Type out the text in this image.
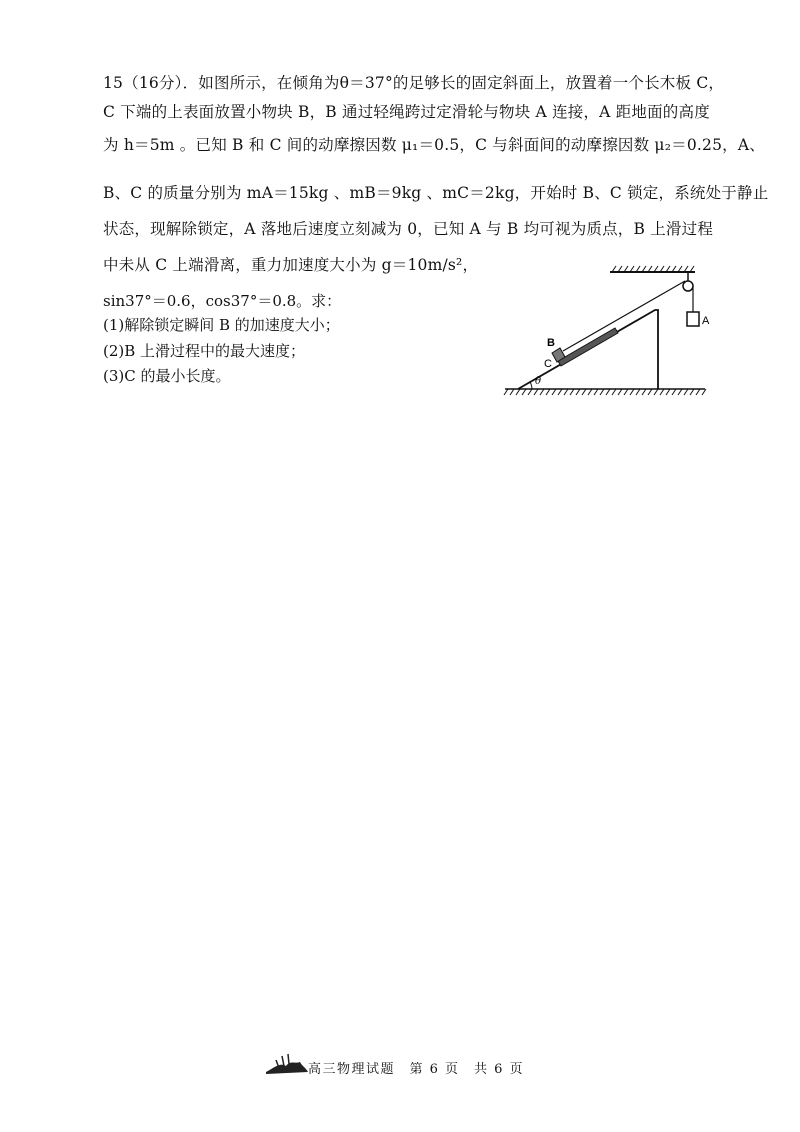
15（16分）．如图所示，在倾角为θ＝37°的足够长的固定斜面上，放置着一个长木板 C，
C 下端的上表面放置小物块 B，B 通过轻绳跨过定滑轮与物块 A 连接，A 距地面的高度
为 h＝5m 。已知 B 和 C 间的动摩擦因数 μ₁＝0.5，C 与斜面间的动摩擦因数 μ₂＝0.25，A、
B、C 的质量分别为 mA＝15kg 、mB＝9kg 、mC＝2kg，开始时 B、C 锁定，系统处于静止
状态，现解除锁定，A 落地后速度立刻减为 0，已知 A 与 B 均可视为质点，B 上滑过程
中未从 C 上端滑离，重力加速度大小为 g＝10m/s²，
sin37°＝0.6，cos37°＝0.8。求：
(1)解除锁定瞬间 B 的加速度大小；
(2)B 上滑过程中的最大速度；
(3)C 的最小长度。
A
B
C
θ
高三物理试题　第 6 页　共 6 页
